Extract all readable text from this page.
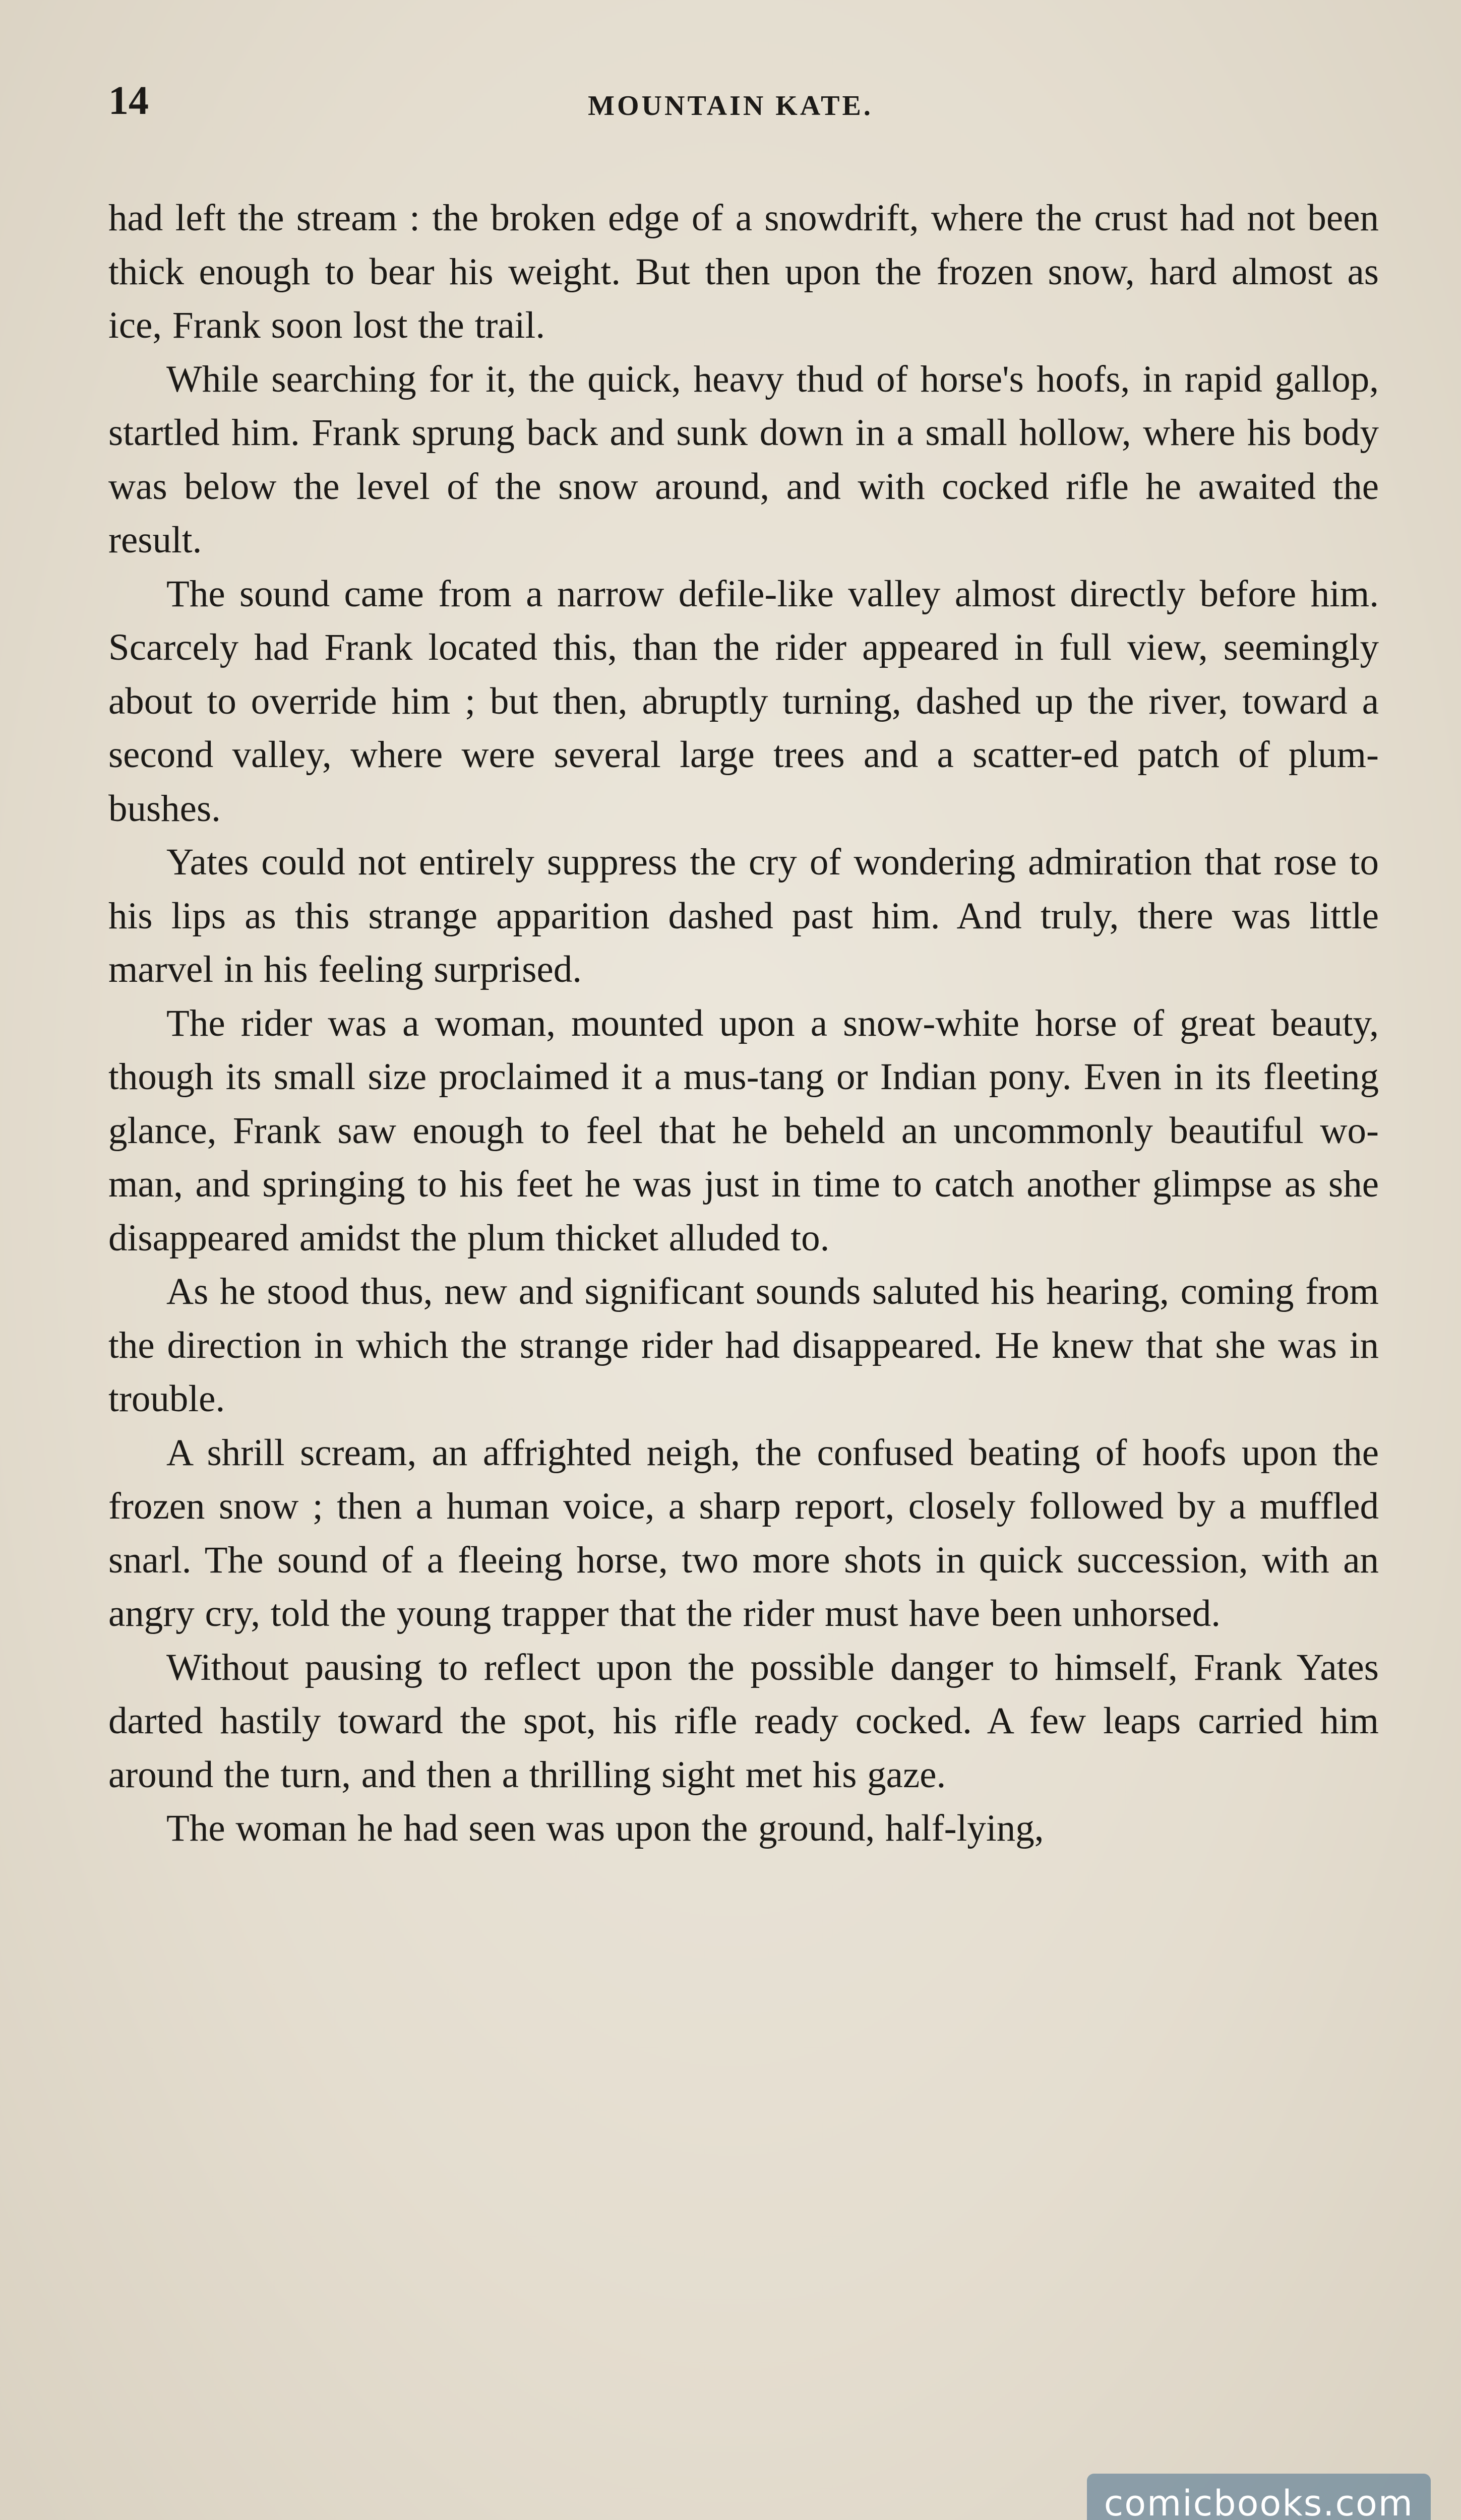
14	MOUNTAIN KATE.

had left the stream : the broken edge of a snowdrift, where the crust had not been thick enough to bear his weight. But then upon the frozen snow, hard almost as ice, Frank soon lost the trail.

While searching for it, the quick, heavy thud of horse's hoofs, in rapid gallop, startled him. Frank sprung back and sunk down in a small hollow, where his body was below the level of the snow around, and with cocked rifle he awaited the result.

The sound came from a narrow defile-like valley almost directly before him. Scarcely had Frank located this, than the rider appeared in full view, seemingly about to override him ; but then, abruptly turning, dashed up the river, toward a second valley, where were several large trees and a scatter-ed patch of plum-bushes.

Yates could not entirely suppress the cry of wondering admiration that rose to his lips as this strange apparition dashed past him. And truly, there was little marvel in his feeling surprised.

The rider was a woman, mounted upon a snow-white horse of great beauty, though its small size proclaimed it a mus-tang or Indian pony. Even in its fleeting glance, Frank saw enough to feel that he beheld an uncommonly beautiful wo-man, and springing to his feet he was just in time to catch another glimpse as she disappeared amidst the plum thicket alluded to.

As he stood thus, new and significant sounds saluted his hearing, coming from the direction in which the strange rider had disappeared. He knew that she was in trouble.

A shrill scream, an affrighted neigh, the confused beating of hoofs upon the frozen snow ; then a human voice, a sharp report, closely followed by a muffled snarl. The sound of a fleeing horse, two more shots in quick succession, with an angry cry, told the young trapper that the rider must have been unhorsed.

Without pausing to reflect upon the possible danger to himself, Frank Yates darted hastily toward the spot, his rifle ready cocked. A few leaps carried him around the turn, and then a thrilling sight met his gaze.

The woman he had seen was upon the ground, half-lying,

comicbooks.com
